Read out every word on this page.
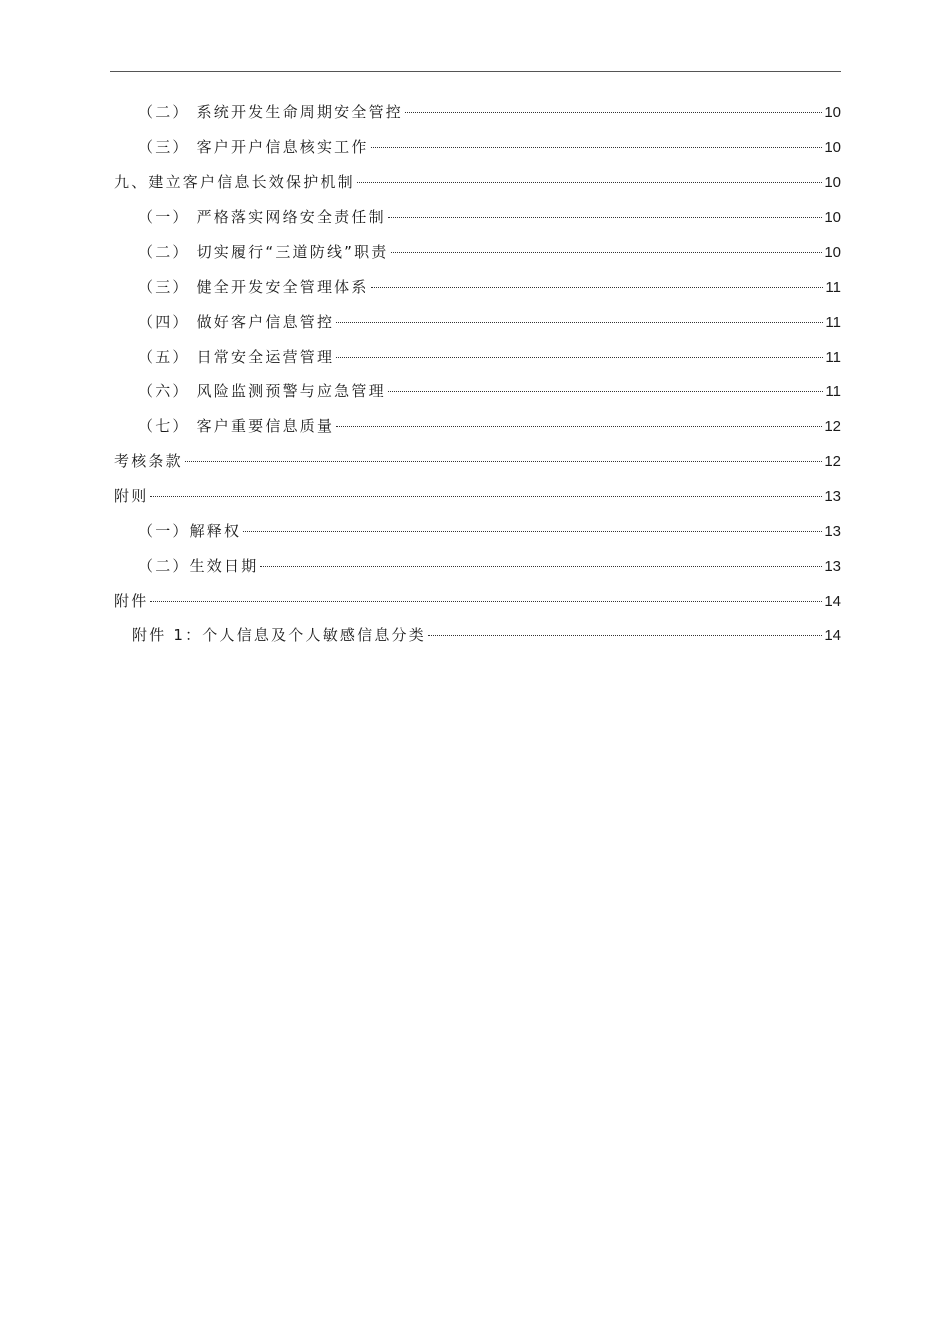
（二） 系统开发生命周期安全管控	10
（三） 客户开户信息核实工作	10
九、建立客户信息长效保护机制	10
（一） 严格落实网络安全责任制	10
（二） 切实履行“三道防线”职责	10
（三） 健全开发安全管理体系	11
（四） 做好客户信息管控	11
（五） 日常安全运营管理	11
（六） 风险监测预警与应急管理	11
（七） 客户重要信息质量	12
考核条款	12
附则	13
（一）解释权	13
（二）生效日期	13
附件	14
附件 1：个人信息及个人敏感信息分类	14
